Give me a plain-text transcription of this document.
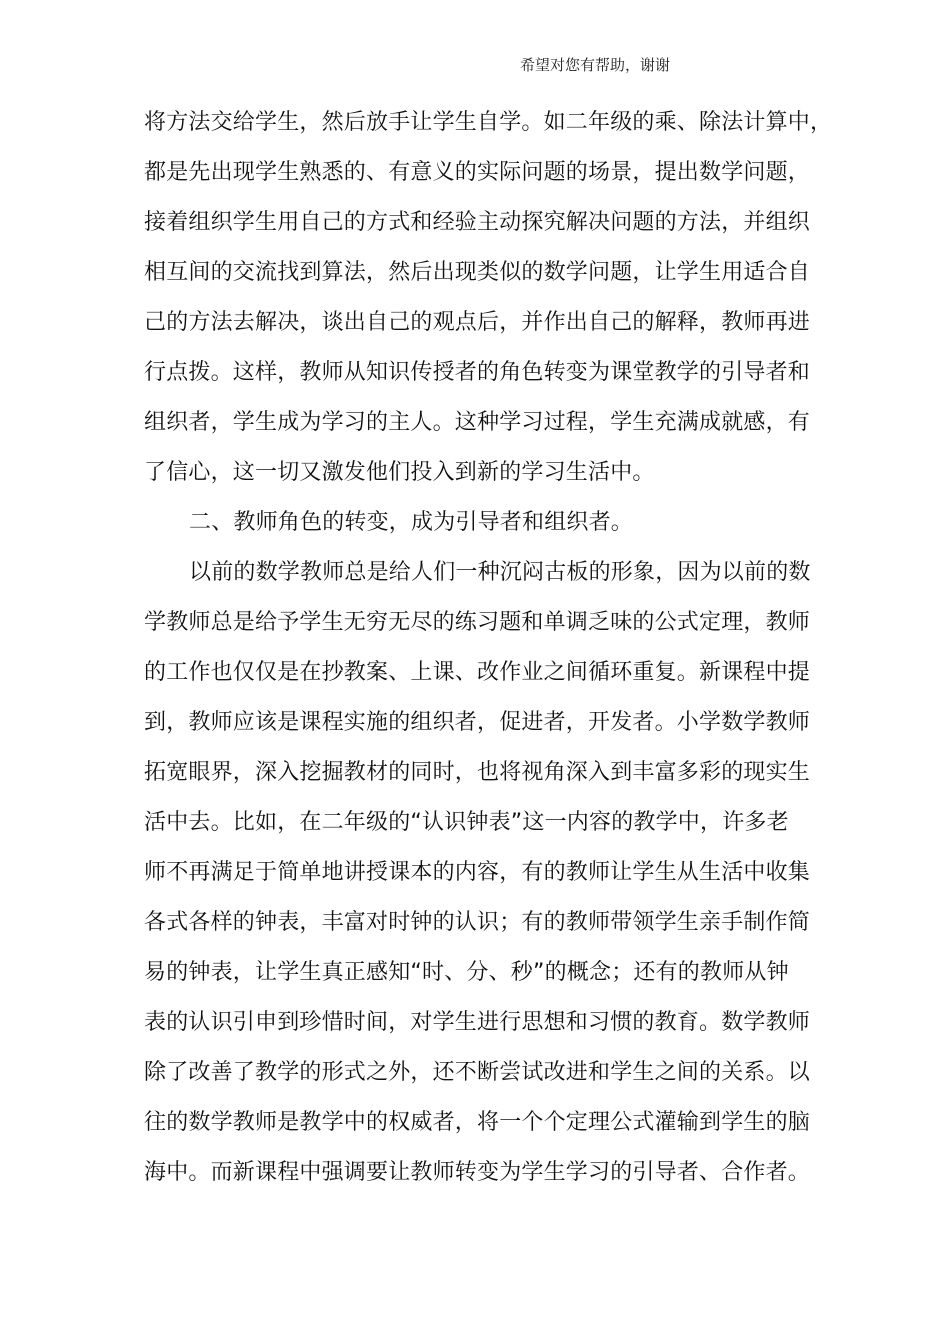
希望对您有帮助，谢谢
将方法交给学生，然后放手让学生自学。如二年级的乘、除法计算中，
都是先出现学生熟悉的、有意义的实际问题的场景，提出数学问题，
接着组织学生用自己的方式和经验主动探究解决问题的方法，并组织
相互间的交流找到算法，然后出现类似的数学问题，让学生用适合自
己的方法去解决，谈出自己的观点后，并作出自己的解释，教师再进
行点拨。这样，教师从知识传授者的角色转变为课堂教学的引导者和
组织者，学生成为学习的主人。这种学习过程，学生充满成就感，有
了信心，这一切又激发他们投入到新的学习生活中。
二、教师角色的转变，成为引导者和组织者。
以前的数学教师总是给人们一种沉闷古板的形象，因为以前的数
学教师总是给予学生无穷无尽的练习题和单调乏味的公式定理，教师
的工作也仅仅是在抄教案、上课、改作业之间循环重复。新课程中提
到，教师应该是课程实施的组织者，促进者，开发者。小学数学教师
拓宽眼界，深入挖掘教材的同时，也将视角深入到丰富多彩的现实生
活中去。比如，在二年级的“认识钟表”这一内容的教学中，许多老
师不再满足于简单地讲授课本的内容，有的教师让学生从生活中收集
各式各样的钟表，丰富对时钟的认识；有的教师带领学生亲手制作简
易的钟表，让学生真正感知“时、分、秒”的概念；还有的教师从钟
表的认识引申到珍惜时间，对学生进行思想和习惯的教育。数学教师
除了改善了教学的形式之外，还不断尝试改进和学生之间的关系。以
往的数学教师是教学中的权威者，将一个个定理公式灌输到学生的脑
海中。而新课程中强调要让教师转变为学生学习的引导者、合作者。
